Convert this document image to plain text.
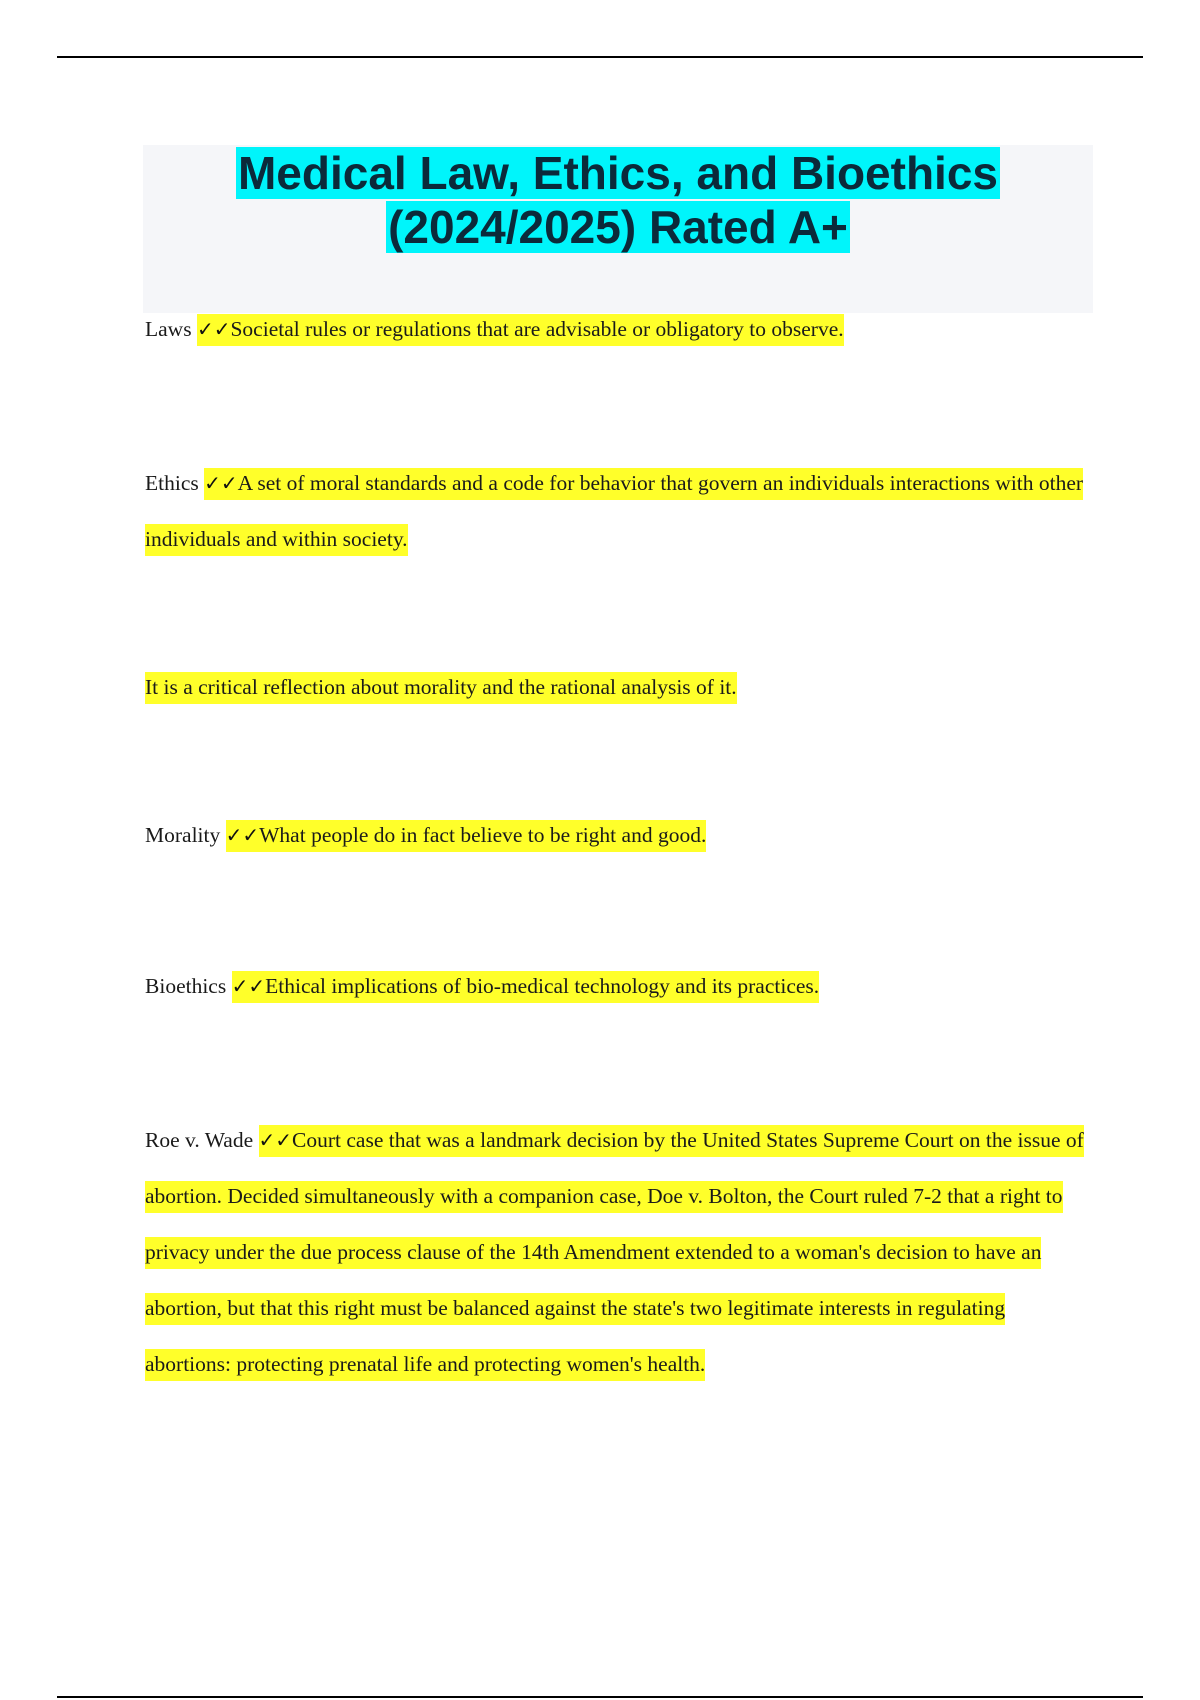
Medical Law, Ethics, and Bioethics
(2024/2025) Rated A+

Laws ✓✓Societal rules or regulations that are advisable or obligatory to observe.

Ethics ✓✓A set of moral standards and a code for behavior that govern an individuals interactions with other individuals and within society.

It is a critical reflection about morality and the rational analysis of it.

Morality ✓✓What people do in fact believe to be right and good.

Bioethics ✓✓Ethical implications of bio-medical technology and its practices.

Roe v. Wade ✓✓Court case that was a landmark decision by the United States Supreme Court on the issue of abortion. Decided simultaneously with a companion case, Doe v. Bolton, the Court ruled 7-2 that a right to privacy under the due process clause of the 14th Amendment extended to a woman's decision to have an abortion, but that this right must be balanced against the state's two legitimate interests in regulating abortions: protecting prenatal life and protecting women's health.
